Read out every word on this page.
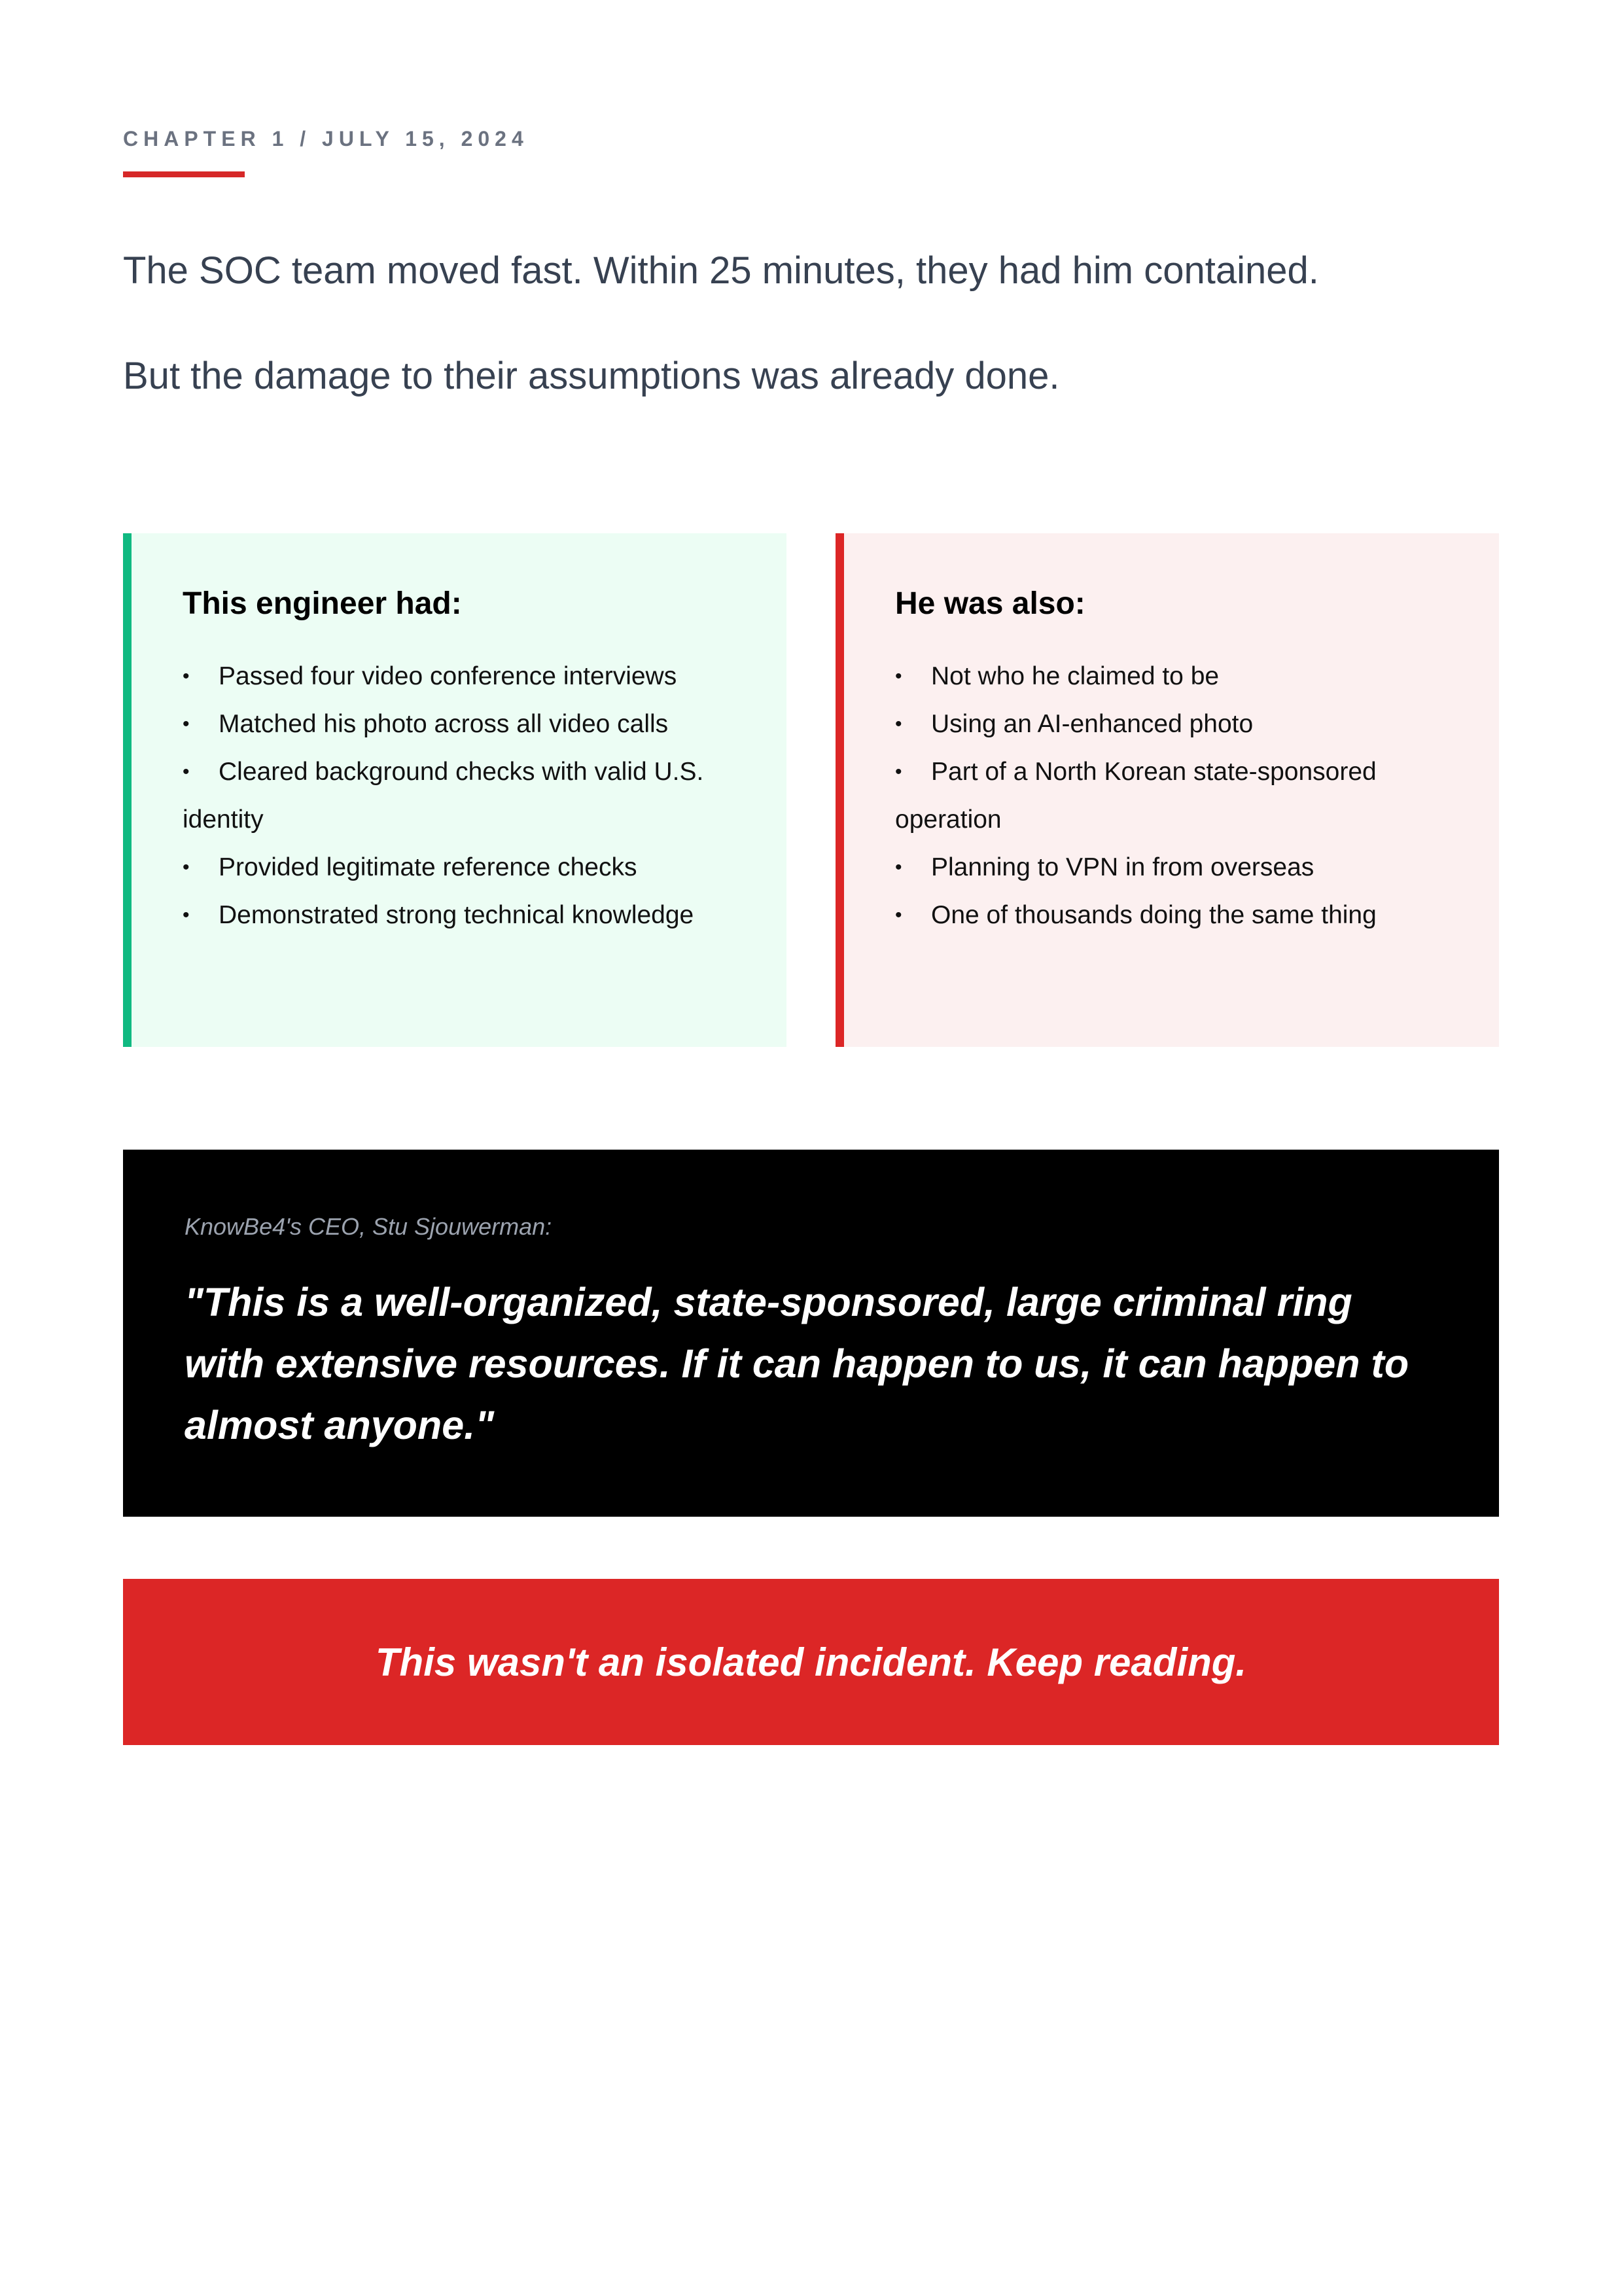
CHAPTER 1 / JULY 15, 2024

The SOC team moved fast. Within 25 minutes, they had him contained.

But the damage to their assumptions was already done.

This engineer had:
• Passed four video conference interviews
• Matched his photo across all video calls
• Cleared background checks with valid U.S. identity
• Provided legitimate reference checks
• Demonstrated strong technical knowledge
He was also:
• Not who he claimed to be
• Using an AI-enhanced photo
• Part of a North Korean state-sponsored operation
• Planning to VPN in from overseas
• One of thousands doing the same thing
KnowBe4's CEO, Stu Sjouwerman:
"This is a well-organized, state-sponsored, large criminal ring with extensive resources. If it can happen to us, it can happen to almost anyone."
This wasn't an isolated incident. Keep reading.
